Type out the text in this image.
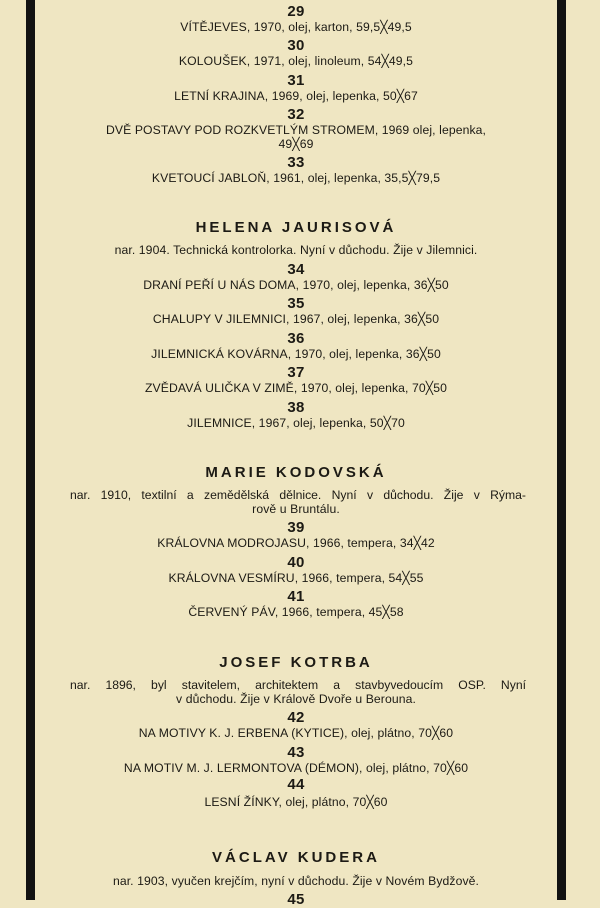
29
VÍTĚJEVES, 1970, olej, karton, 59,5╳49,5
30
KOLOUŠEK, 1971, olej, linoleum, 54╳49,5
31
LETNÍ KRAJINA, 1969, olej, lepenka, 50╳67
32
DVĚ POSTAVY POD ROZKVETLÝM STROMEM, 1969 olej, lepenka,
49╳69
33
KVETOUCÍ JABLOŇ, 1961, olej, lepenka, 35,5╳79,5
HELENA JAURISOVÁ
nar. 1904. Technická kontrolorka. Nyní v důchodu. Žije v Jilemnici.
34
DRANÍ PEŘÍ U NÁS DOMA, 1970, olej, lepenka, 36╳50
35
CHALUPY V JILEMNICI, 1967, olej, lepenka, 36╳50
36
JILEMNICKÁ KOVÁRNA, 1970, olej, lepenka, 36╳50
37
ZVĚDAVÁ ULIČKA V ZIMĚ, 1970, olej, lepenka, 70╳50
38
JILEMNICE, 1967, olej, lepenka, 50╳70
MARIE KODOVSKÁ
nar. 1910, textilní a zemědělská dělnice. Nyní v důchodu. Žije v Rýma-
rově u Bruntálu.
39
KRÁLOVNA MODROJASU, 1966, tempera, 34╳42
40
KRÁLOVNA VESMÍRU, 1966, tempera, 54╳55
41
ČERVENÝ PÁV, 1966, tempera, 45╳58
JOSEF KOTRBA
nar. 1896, byl stavitelem, architektem a stavbyvedoucím OSP. Nyní
v důchodu. Žije v Králově Dvoře u Berouna.
42
NA MOTIVY K. J. ERBENA (KYTICE), olej, plátno, 70╳60
43
NA MOTIV M. J. LERMONTOVA (DÉMON), olej, plátno, 70╳60
44
LESNÍ ŽÍNKY, olej, plátno, 70╳60
VÁCLAV KUDERA
nar. 1903, vyučen krejčím, nyní v důchodu. Žije v Novém Bydžově.
45
